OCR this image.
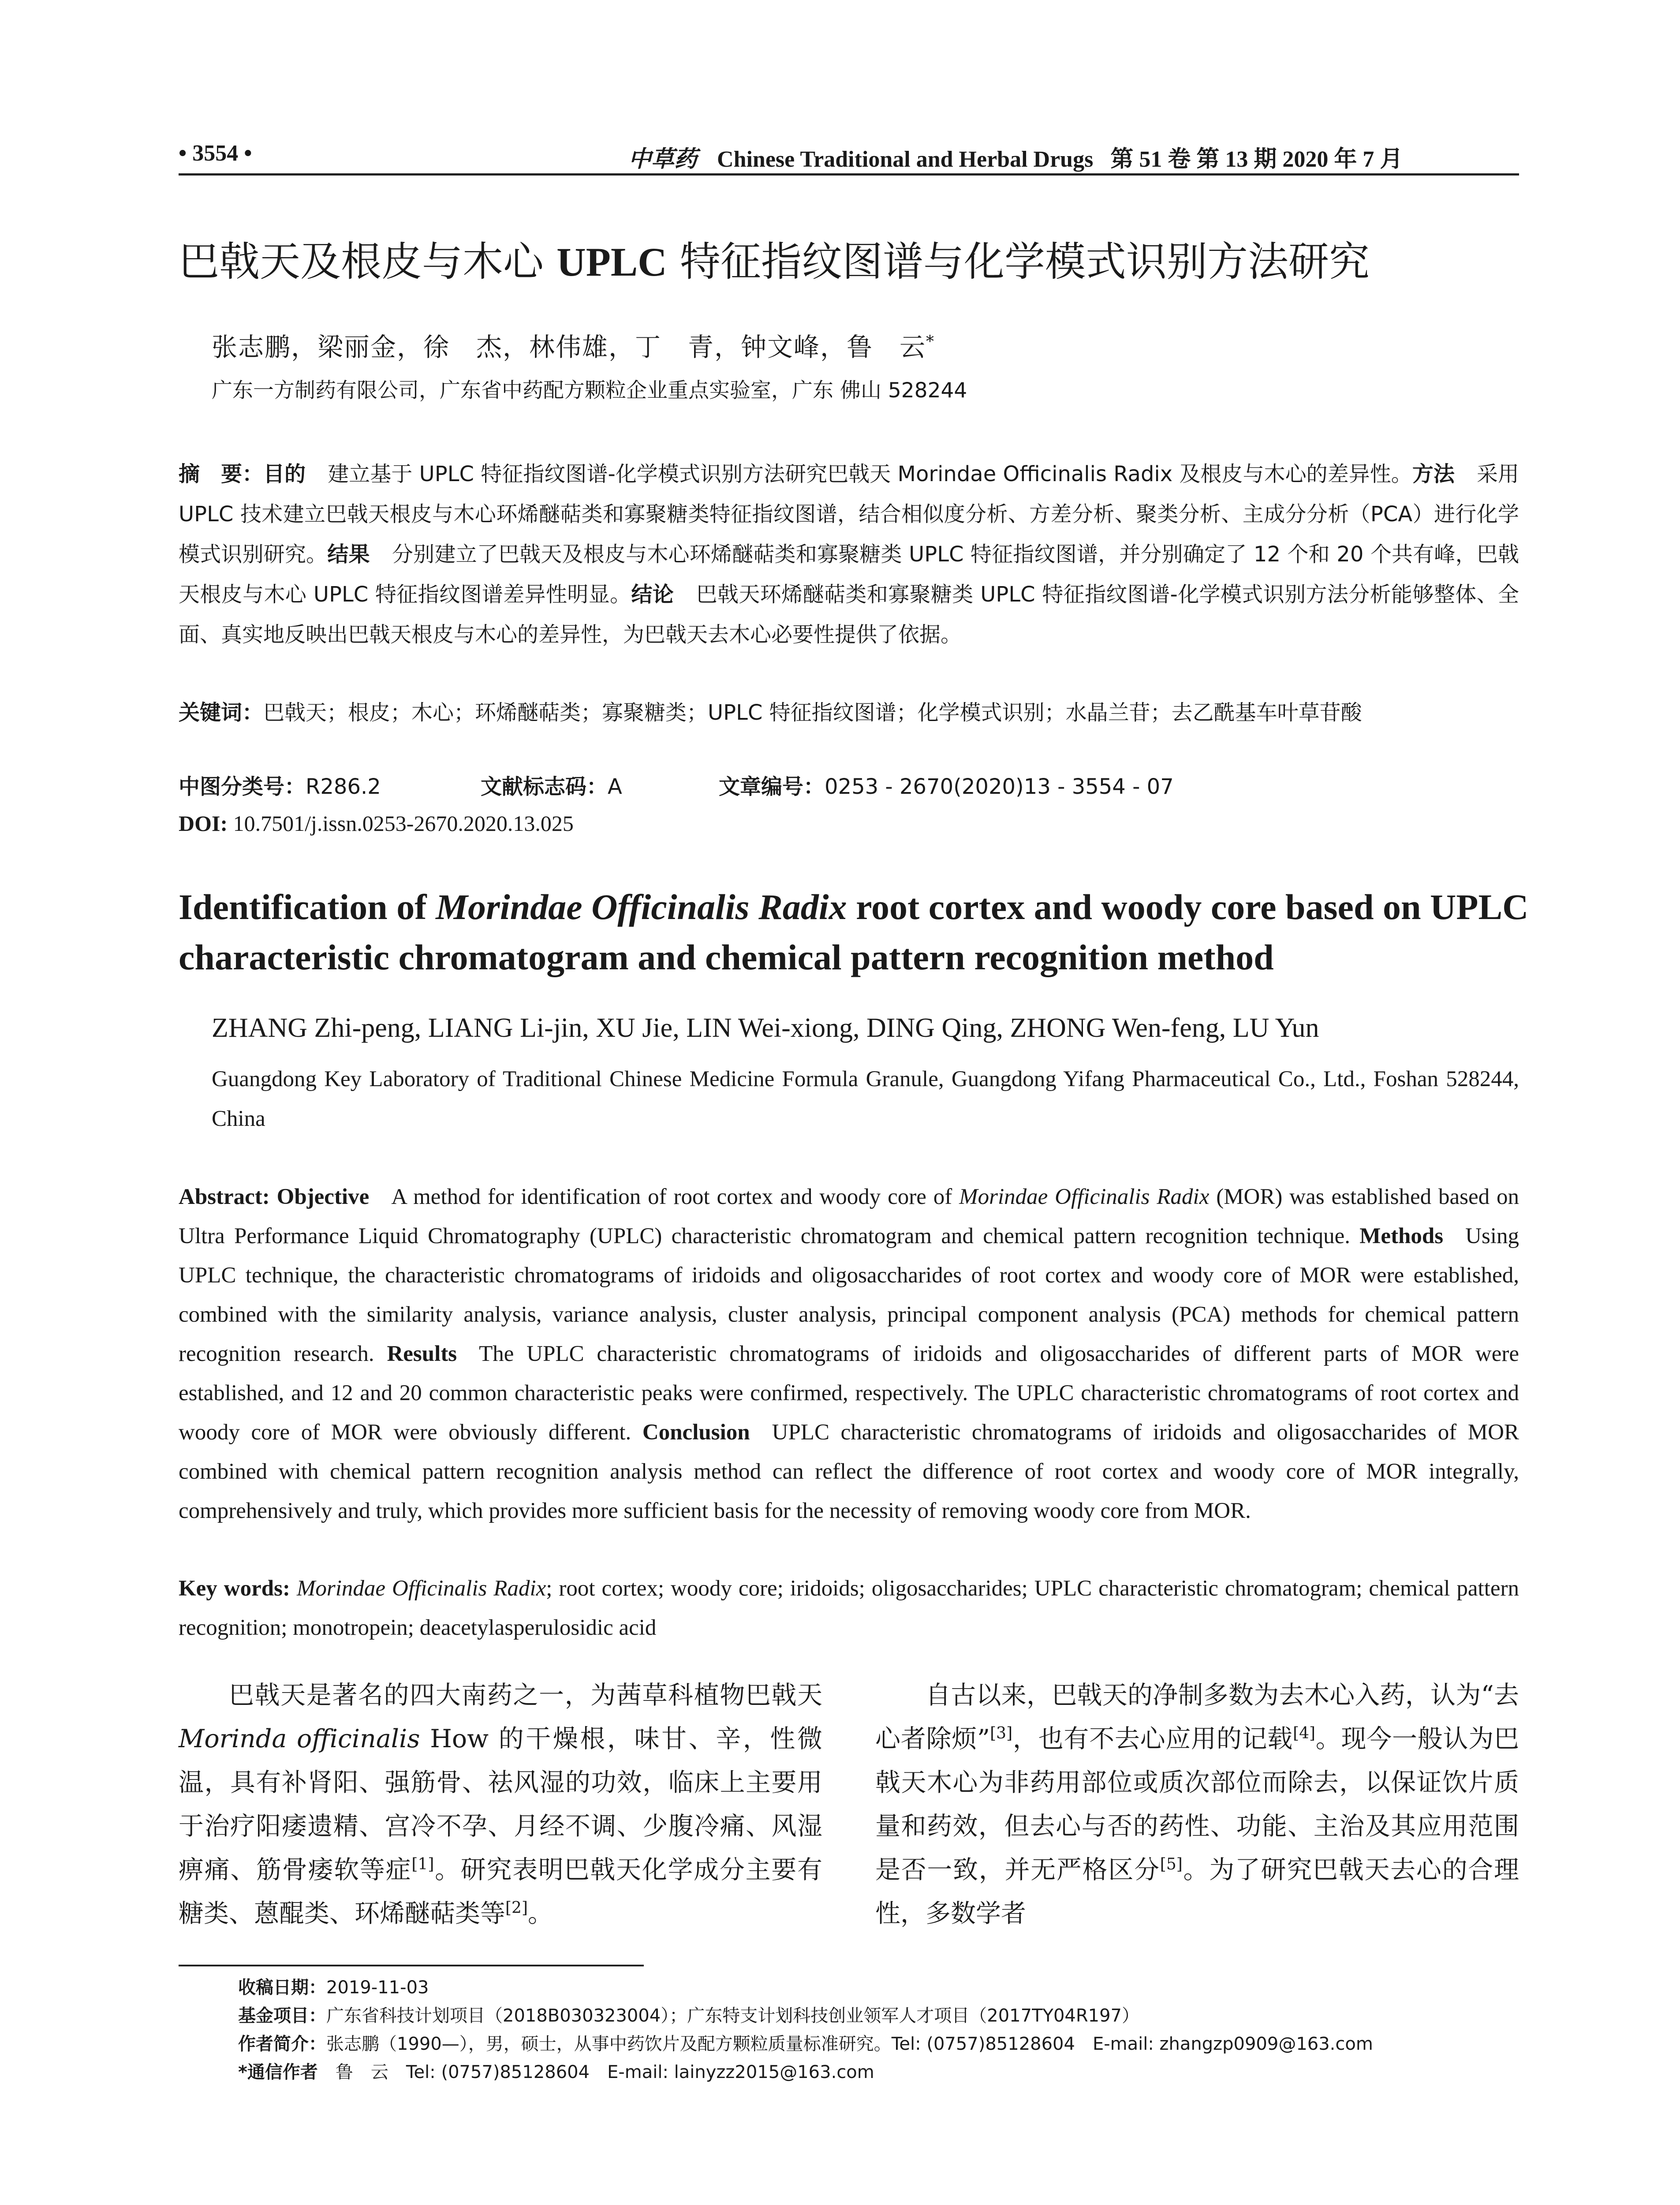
• 3554 •	中草药 Chinese Traditional and Herbal Drugs 第 51 卷 第 13 期 2020 年 7 月
巴戟天及根皮与木心 UPLC 特征指纹图谱与化学模式识别方法研究
张志鹏，梁丽金，徐　杰，林伟雄，丁　青，钟文峰，鲁　云*
广东一方制药有限公司，广东省中药配方颗粒企业重点实验室，广东 佛山 528244
摘　要：目的 建立基于 UPLC 特征指纹图谱-化学模式识别方法研究巴戟天 Morindae Officinalis Radix 及根皮与木心的差异性。方法 采用 UPLC 技术建立巴戟天根皮与木心环烯醚萜类和寡聚糖类特征指纹图谱，结合相似度分析、方差分析、聚类分析、主成分分析（PCA）进行化学模式识别研究。结果 分别建立了巴戟天及根皮与木心环烯醚萜类和寡聚糖类 UPLC 特征指纹图谱，并分别确定了 12 个和 20 个共有峰，巴戟天根皮与木心 UPLC 特征指纹图谱差异性明显。结论 巴戟天环烯醚萜类和寡聚糖类 UPLC 特征指纹图谱-化学模式识别方法分析能够整体、全面、真实地反映出巴戟天根皮与木心的差异性，为巴戟天去木心必要性提供了依据。
关键词：巴戟天；根皮；木心；环烯醚萜类；寡聚糖类；UPLC 特征指纹图谱；化学模式识别；水晶兰苷；去乙酰基车叶草苷酸
中图分类号：R286.2	文献标志码：A	文章编号：0253 - 2670(2020)13 - 3554 - 07
DOI: 10.7501/j.issn.0253-2670.2020.13.025
Identification of Morindae Officinalis Radix root cortex and woody core based on UPLC characteristic chromatogram and chemical pattern recognition method
ZHANG Zhi-peng, LIANG Li-jin, XU Jie, LIN Wei-xiong, DING Qing, ZHONG Wen-feng, LU Yun
Guangdong Key Laboratory of Traditional Chinese Medicine Formula Granule, Guangdong Yifang Pharmaceutical Co., Ltd., Foshan 528244, China
Abstract: Objective A method for identification of root cortex and woody core of Morindae Officinalis Radix (MOR) was established based on Ultra Performance Liquid Chromatography (UPLC) characteristic chromatogram and chemical pattern recognition technique. Methods Using UPLC technique, the characteristic chromatograms of iridoids and oligosaccharides of root cortex and woody core of MOR were established, combined with the similarity analysis, variance analysis, cluster analysis, principal component analysis (PCA) methods for chemical pattern recognition research. Results The UPLC characteristic chromatograms of iridoids and oligosaccharides of different parts of MOR were established, and 12 and 20 common characteristic peaks were confirmed, respectively. The UPLC characteristic chromatograms of root cortex and woody core of MOR were obviously different. Conclusion UPLC characteristic chromatograms of iridoids and oligosaccharides of MOR combined with chemical pattern recognition analysis method can reflect the difference of root cortex and woody core of MOR integrally, comprehensively and truly, which provides more sufficient basis for the necessity of removing woody core from MOR.
Key words: Morindae Officinalis Radix; root cortex; woody core; iridoids; oligosaccharides; UPLC characteristic chromatogram; chemical pattern recognition; monotropein; deacetylasperulosidic acid

巴戟天是著名的四大南药之一，为茜草科植物巴戟天 Morinda officinalis How 的干燥根，味甘、辛，性微温，具有补肾阳、强筋骨、祛风湿的功效，临床上主要用于治疗阳痿遗精、宫冷不孕、月经不调、少腹冷痛、风湿痹痛、筋骨痿软等症[1]。研究表明巴戟天化学成分主要有糖类、蒽醌类、环烯醚萜类等[2]。

自古以来，巴戟天的净制多数为去木心入药，认为“去心者除烦”[3]，也有不去心应用的记载[4]。现今一般认为巴戟天木心为非药用部位或质次部位而除去，以保证饮片质量和药效，但去心与否的药性、功能、主治及其应用范围是否一致，并无严格区分[5]。为了研究巴戟天去心的合理性，多数学者

收稿日期：2019-11-03
基金项目：广东省科技计划项目（2018B030323004）；广东特支计划科技创业领军人才项目（2017TY04R197）
作者简介：张志鹏（1990—），男，硕士，从事中药饮片及配方颗粒质量标准研究。Tel: (0757)85128604　E-mail: zhangzp0909@163.com
*通信作者　 鲁　云　Tel: (0757)85128604　E-mail: lainyzz2015@163.com
